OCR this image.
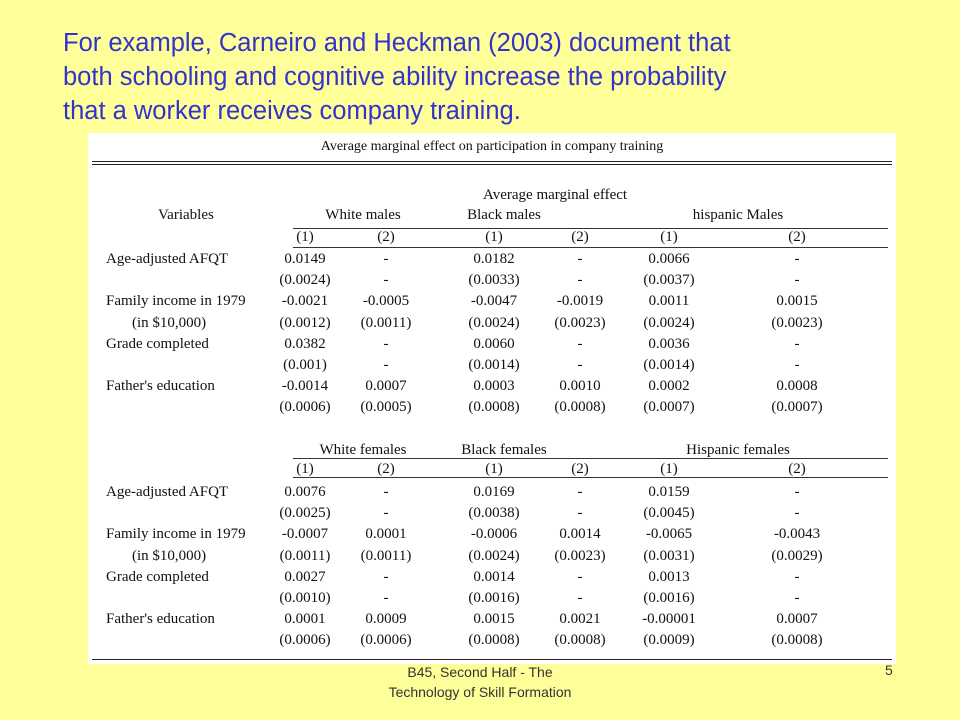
For example, Carneiro and Heckman (2003) document that
both schooling and cognitive ability increase the probability
that a worker receives company training.
Average marginal effect on participation in company training
Average marginal effect
Variables	White males	Black males	hispanic Males
(1)	(2)	(1)	(2)	(1)	(2)
Age-adjusted AFQT	0.0149	-	0.0182	-	0.0066	-
(0.0024)	-	(0.0033)	-	(0.0037)	-
Family income in 1979	-0.0021	-0.0005	-0.0047	-0.0019	0.0011	0.0015
(in $10,000)	(0.0012)	(0.0011)	(0.0024)	(0.0023)	(0.0024)	(0.0023)
Grade completed	0.0382	-	0.0060	-	0.0036	-
(0.001)	-	(0.0014)	-	(0.0014)	-
Father's education	-0.0014	0.0007	0.0003	0.0010	0.0002	0.0008
(0.0006)	(0.0005)	(0.0008)	(0.0008)	(0.0007)	(0.0007)
White females	Black females	Hispanic females
(1)	(2)	(1)	(2)	(1)	(2)
Age-adjusted AFQT	0.0076	-	0.0169	-	0.0159	-
(0.0025)	-	(0.0038)	-	(0.0045)	-
Family income in 1979	-0.0007	0.0001	-0.0006	0.0014	-0.0065	-0.0043
(in $10,000)	(0.0011)	(0.0011)	(0.0024)	(0.0023)	(0.0031)	(0.0029)
Grade completed	0.0027	-	0.0014	-	0.0013	-
(0.0010)	-	(0.0016)	-	(0.0016)	-
Father's education	0.0001	0.0009	0.0015	0.0021	-0.00001	0.0007
(0.0006)	(0.0006)	(0.0008)	(0.0008)	(0.0009)	(0.0008)
B45, Second Half - The
Technology of Skill Formation
5
